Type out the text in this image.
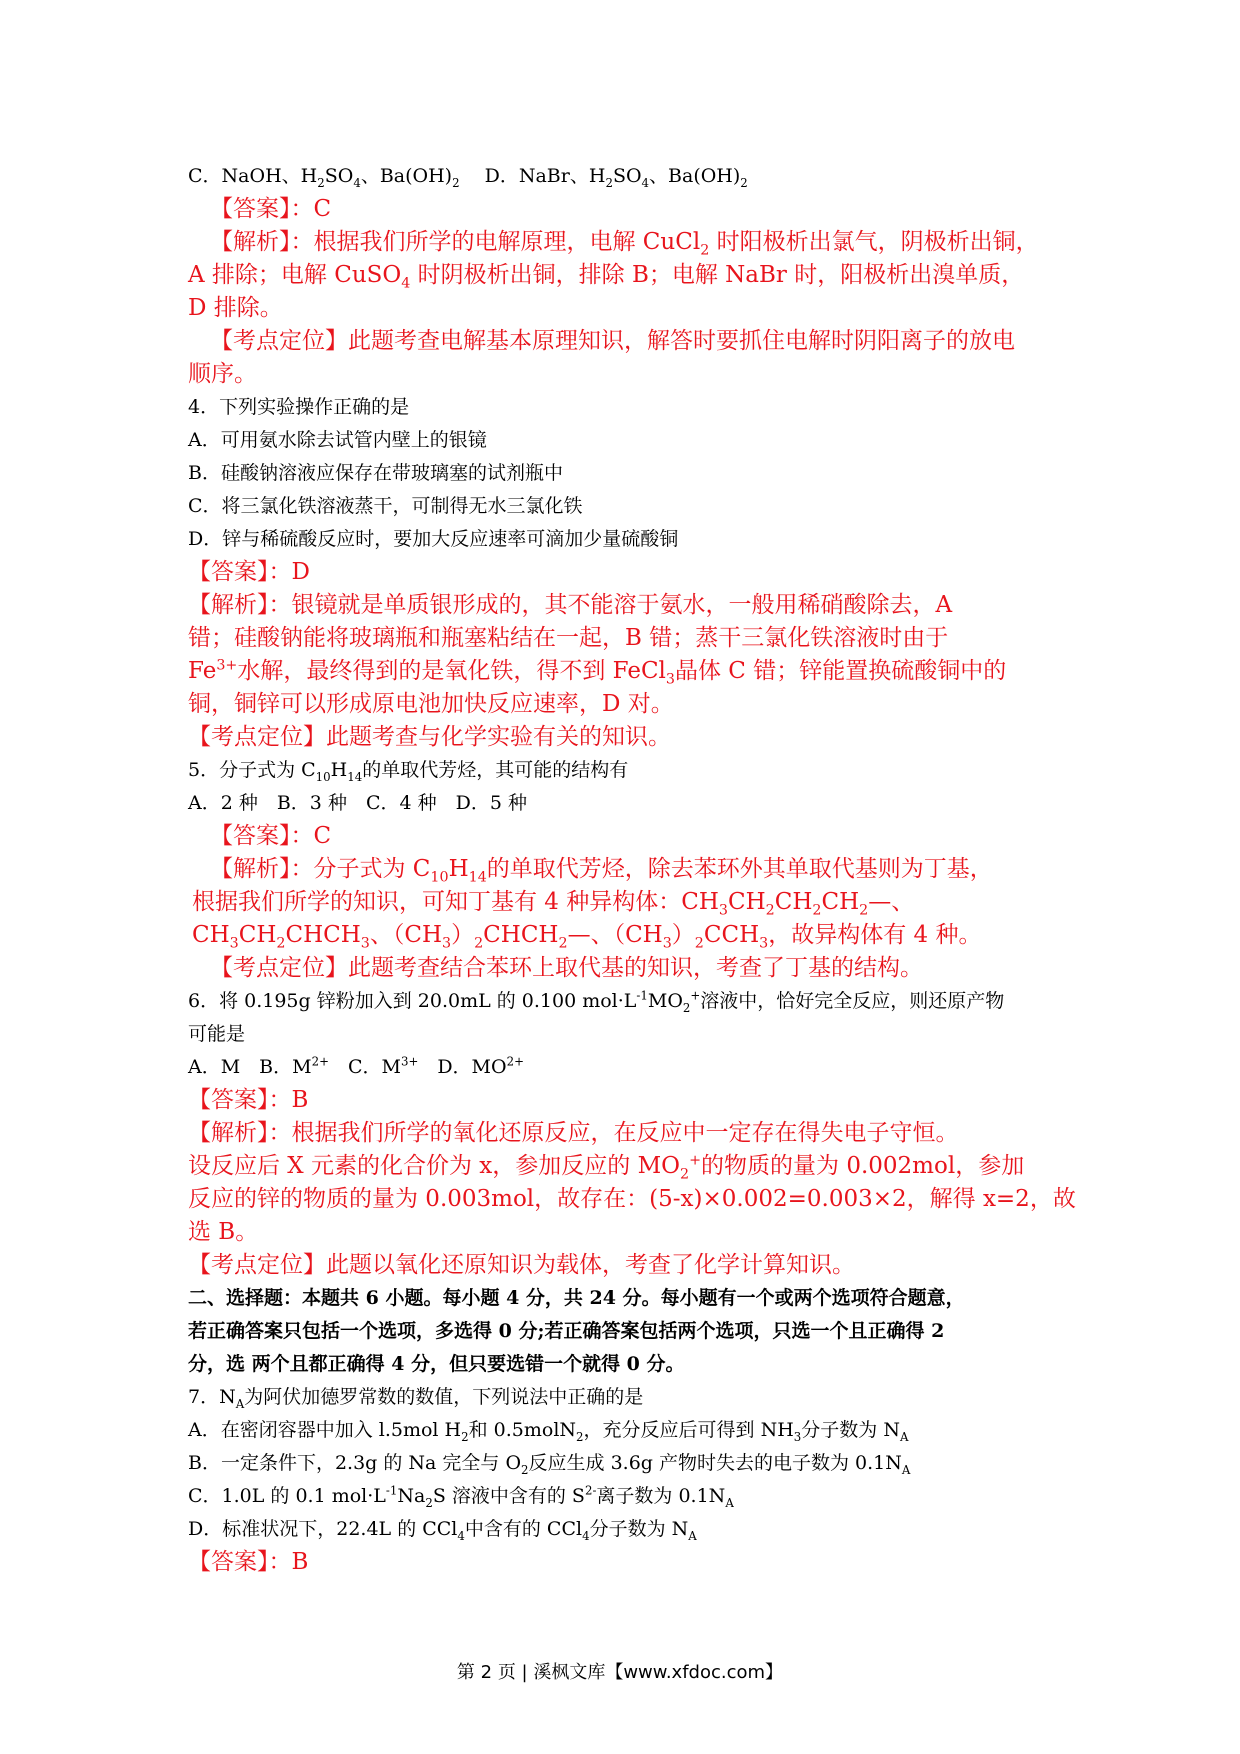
C．NaOH、$H_2SO_4$、$Ba(OH)_2$　 D．NaBr、$H_2SO_4$、$Ba(OH)_2$
【答案】：C
【解析】：根据我们所学的电解原理，电解 CuCl$_2$ 时阳极析出氯气，阴极析出铜，
A 排除；电解 CuSO$_4$ 时阴极析出铜，排除 B；电解 NaBr 时，阳极析出溴单质，
D 排除。
【考点定位】此题考查电解基本原理知识，解答时要抓住电解时阴阳离子的放电
顺序。
4．下列实验操作正确的是
A．可用氨水除去试管内壁上的银镜
B．硅酸钠溶液应保存在带玻璃塞的试剂瓶中
C．将三氯化铁溶液蒸干，可制得无水三氯化铁
D．锌与稀硫酸反应时，要加大反应速率可滴加少量硫酸铜
【答案】：D
【解析】：银镜就是单质银形成的，其不能溶于氨水，一般用稀硝酸除去，A
错；硅酸钠能将玻璃瓶和瓶塞粘结在一起，B 错；蒸干三氯化铁溶液时由于
$Fe^{3+}$水解，最终得到的是氧化铁，得不到 FeCl$_3$晶体 C 错；锌能置换硫酸铜中的
铜，铜锌可以形成原电池加快反应速率，D 对。
【考点定位】此题考查与化学实验有关的知识。
5．分子式为 $C_{10}H_{14}$的单取代芳烃，其可能的结构有
A．2 种　B．3 种　C．4 种　D．5 种
【答案】：C
【解析】：分子式为 $C_{10}H_{14}$的单取代芳烃，除去苯环外其单取代基则为丁基，
根据我们所学的知识，可知丁基有 4 种异构体：$CH_3CH_2CH_2CH_2—$、
$CH_3CH_2CHCH_3$、$(CH_3)_2CHCH_2—$、$(CH_3)_2CCH_3$，故异构体有 4 种。
【考点定位】此题考查结合苯环上取代基的知识，考查了丁基的结构。
6．将 0.195g 锌粉加入到 20.0mL 的 0.100 $mol\cdot L^{-1}MO_2^+$溶液中，恰好完全反应，则还原产物
可能是
A．M　B．$M^{2+}$　C．$M^{3+}$　D．$MO^{2+}$
【答案】：B
【解析】：根据我们所学的氧化还原反应，在反应中一定存在得失电子守恒。
设反应后 X 元素的化合价为 x，参加反应的 $MO_2^+$的物质的量为 0.002mol，参加
反应的锌的物质的量为 0.003mol，故存在：(5-x)×0.002=0.003×2，解得 x=2，故
选 B。
【考点定位】此题以氧化还原知识为载体，考查了化学计算知识。
二、选择题：本题共 6 小题。每小题 4 分，共 24 分。每小题有一个或两个选项符合题意，
若正确答案只包括一个选项，多选得 0 分;若正确答案包括两个选项，只选一个且正确得 2
分，选 两个且都正确得 4 分，但只要选错一个就得 0 分。
7．$N_A$为阿伏加德罗常数的数值，下列说法中正确的是
A．在密闭容器中加入 l.5mol $H_2$和 0.5molN$_2$，充分反应后可得到 $NH_3$分子数为 $N_A$
B．一定条件下，2.3g 的 Na 完全与 $O_2$反应生成 3.6g 产物时失去的电子数为 $0.1N_A$
C．1.0L 的 0.1 $mol\cdot L^{-1}Na_2S$ 溶液中含有的 $S^{2-}$离子数为 $0.1N_A$
D．标准状况下，22.4L 的 CCl$_4$中含有的 CCl$_4$分子数为 $N_A$
【答案】：B
第 2 页 | 溪枫文库【www.xfdoc.com】
